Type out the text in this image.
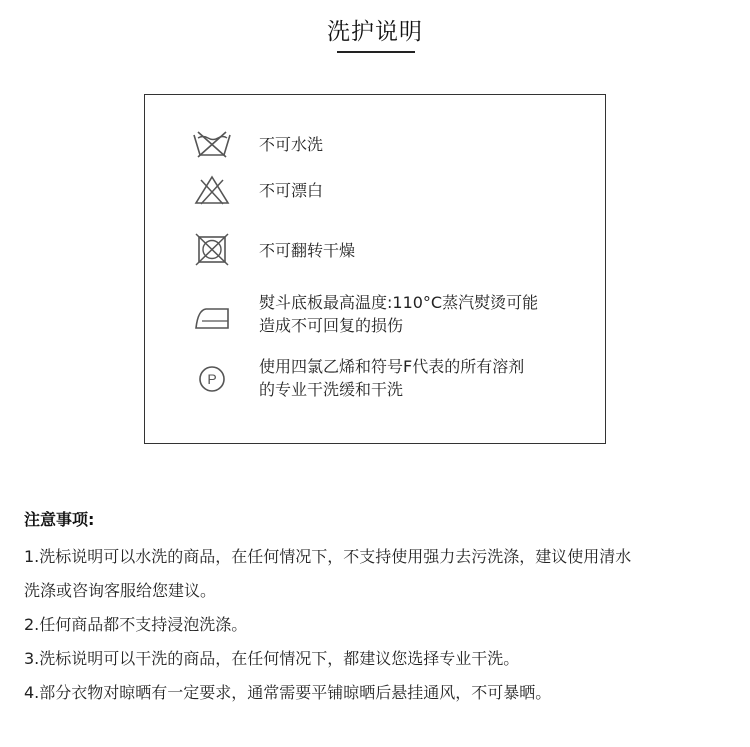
洗护说明
不可水洗
不可漂白
不可翻转干燥
熨斗底板最高温度:110°C蒸汽熨烫可能
造成不可回复的损伤
P
使用四氯乙烯和符号F代表的所有溶剂
的专业干洗缓和干洗
注意事项:
1.洗标说明可以水洗的商品，在任何情况下，不支持使用强力去污洗涤，建议使用清水
洗涤或咨询客服给您建议。
2.任何商品都不支持浸泡洗涤。
3.洗标说明可以干洗的商品，在任何情况下，都建议您选择专业干洗。
4.部分衣物对晾晒有一定要求，通常需要平铺晾晒后悬挂通风，不可暴晒。
